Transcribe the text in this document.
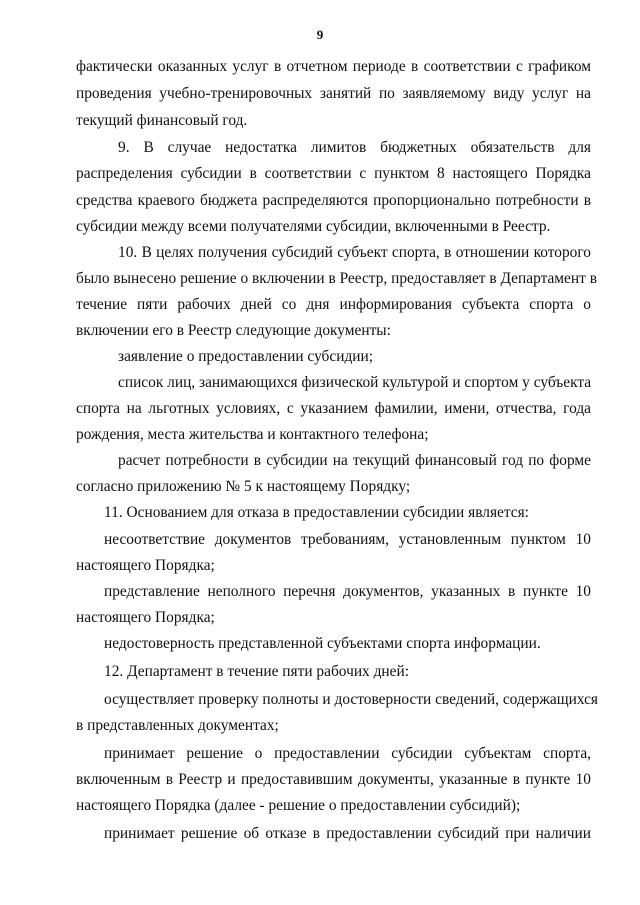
9
фактически оказанных услуг в отчетном периоде в соответствии с графиком
проведения учебно-тренировочных занятий по заявляемому виду услуг на
текущий финансовый год.
9. В случае недостатка лимитов бюджетных обязательств для
распределения субсидии в соответствии с пунктом 8 настоящего Порядка
средства краевого бюджета распределяются пропорционально потребности в
субсидии между всеми получателями субсидии, включенными в Реестр.
10. В целях получения субсидий субъект спорта, в отношении которого
было вынесено решение о включении в Реестр, предоставляет в Департамент в
течение пяти рабочих дней со дня информирования субъекта спорта о
включении его в Реестр следующие документы:
заявление о предоставлении субсидии;
список лиц, занимающихся физической культурой и спортом у субъекта
спорта на льготных условиях, с указанием фамилии, имени, отчества, года
рождения, места жительства и контактного телефона;
расчет потребности в субсидии на текущий финансовый год по форме
согласно приложению № 5 к настоящему Порядку;
11. Основанием для отказа в предоставлении субсидии является:
несоответствие документов требованиям, установленным пунктом 10
настоящего Порядка;
представление неполного перечня документов, указанных в пункте 10
настоящего Порядка;
недостоверность представленной субъектами спорта информации.
12. Департамент в течение пяти рабочих дней:
осуществляет проверку полноты и достоверности сведений, содержащихся
в представленных документах;
принимает решение о предоставлении субсидии субъектам спорта,
включенным в Реестр и предоставившим документы, указанные в пункте 10
настоящего Порядка (далее - решение о предоставлении субсидий);
принимает решение об отказе в предоставлении субсидий при наличии
